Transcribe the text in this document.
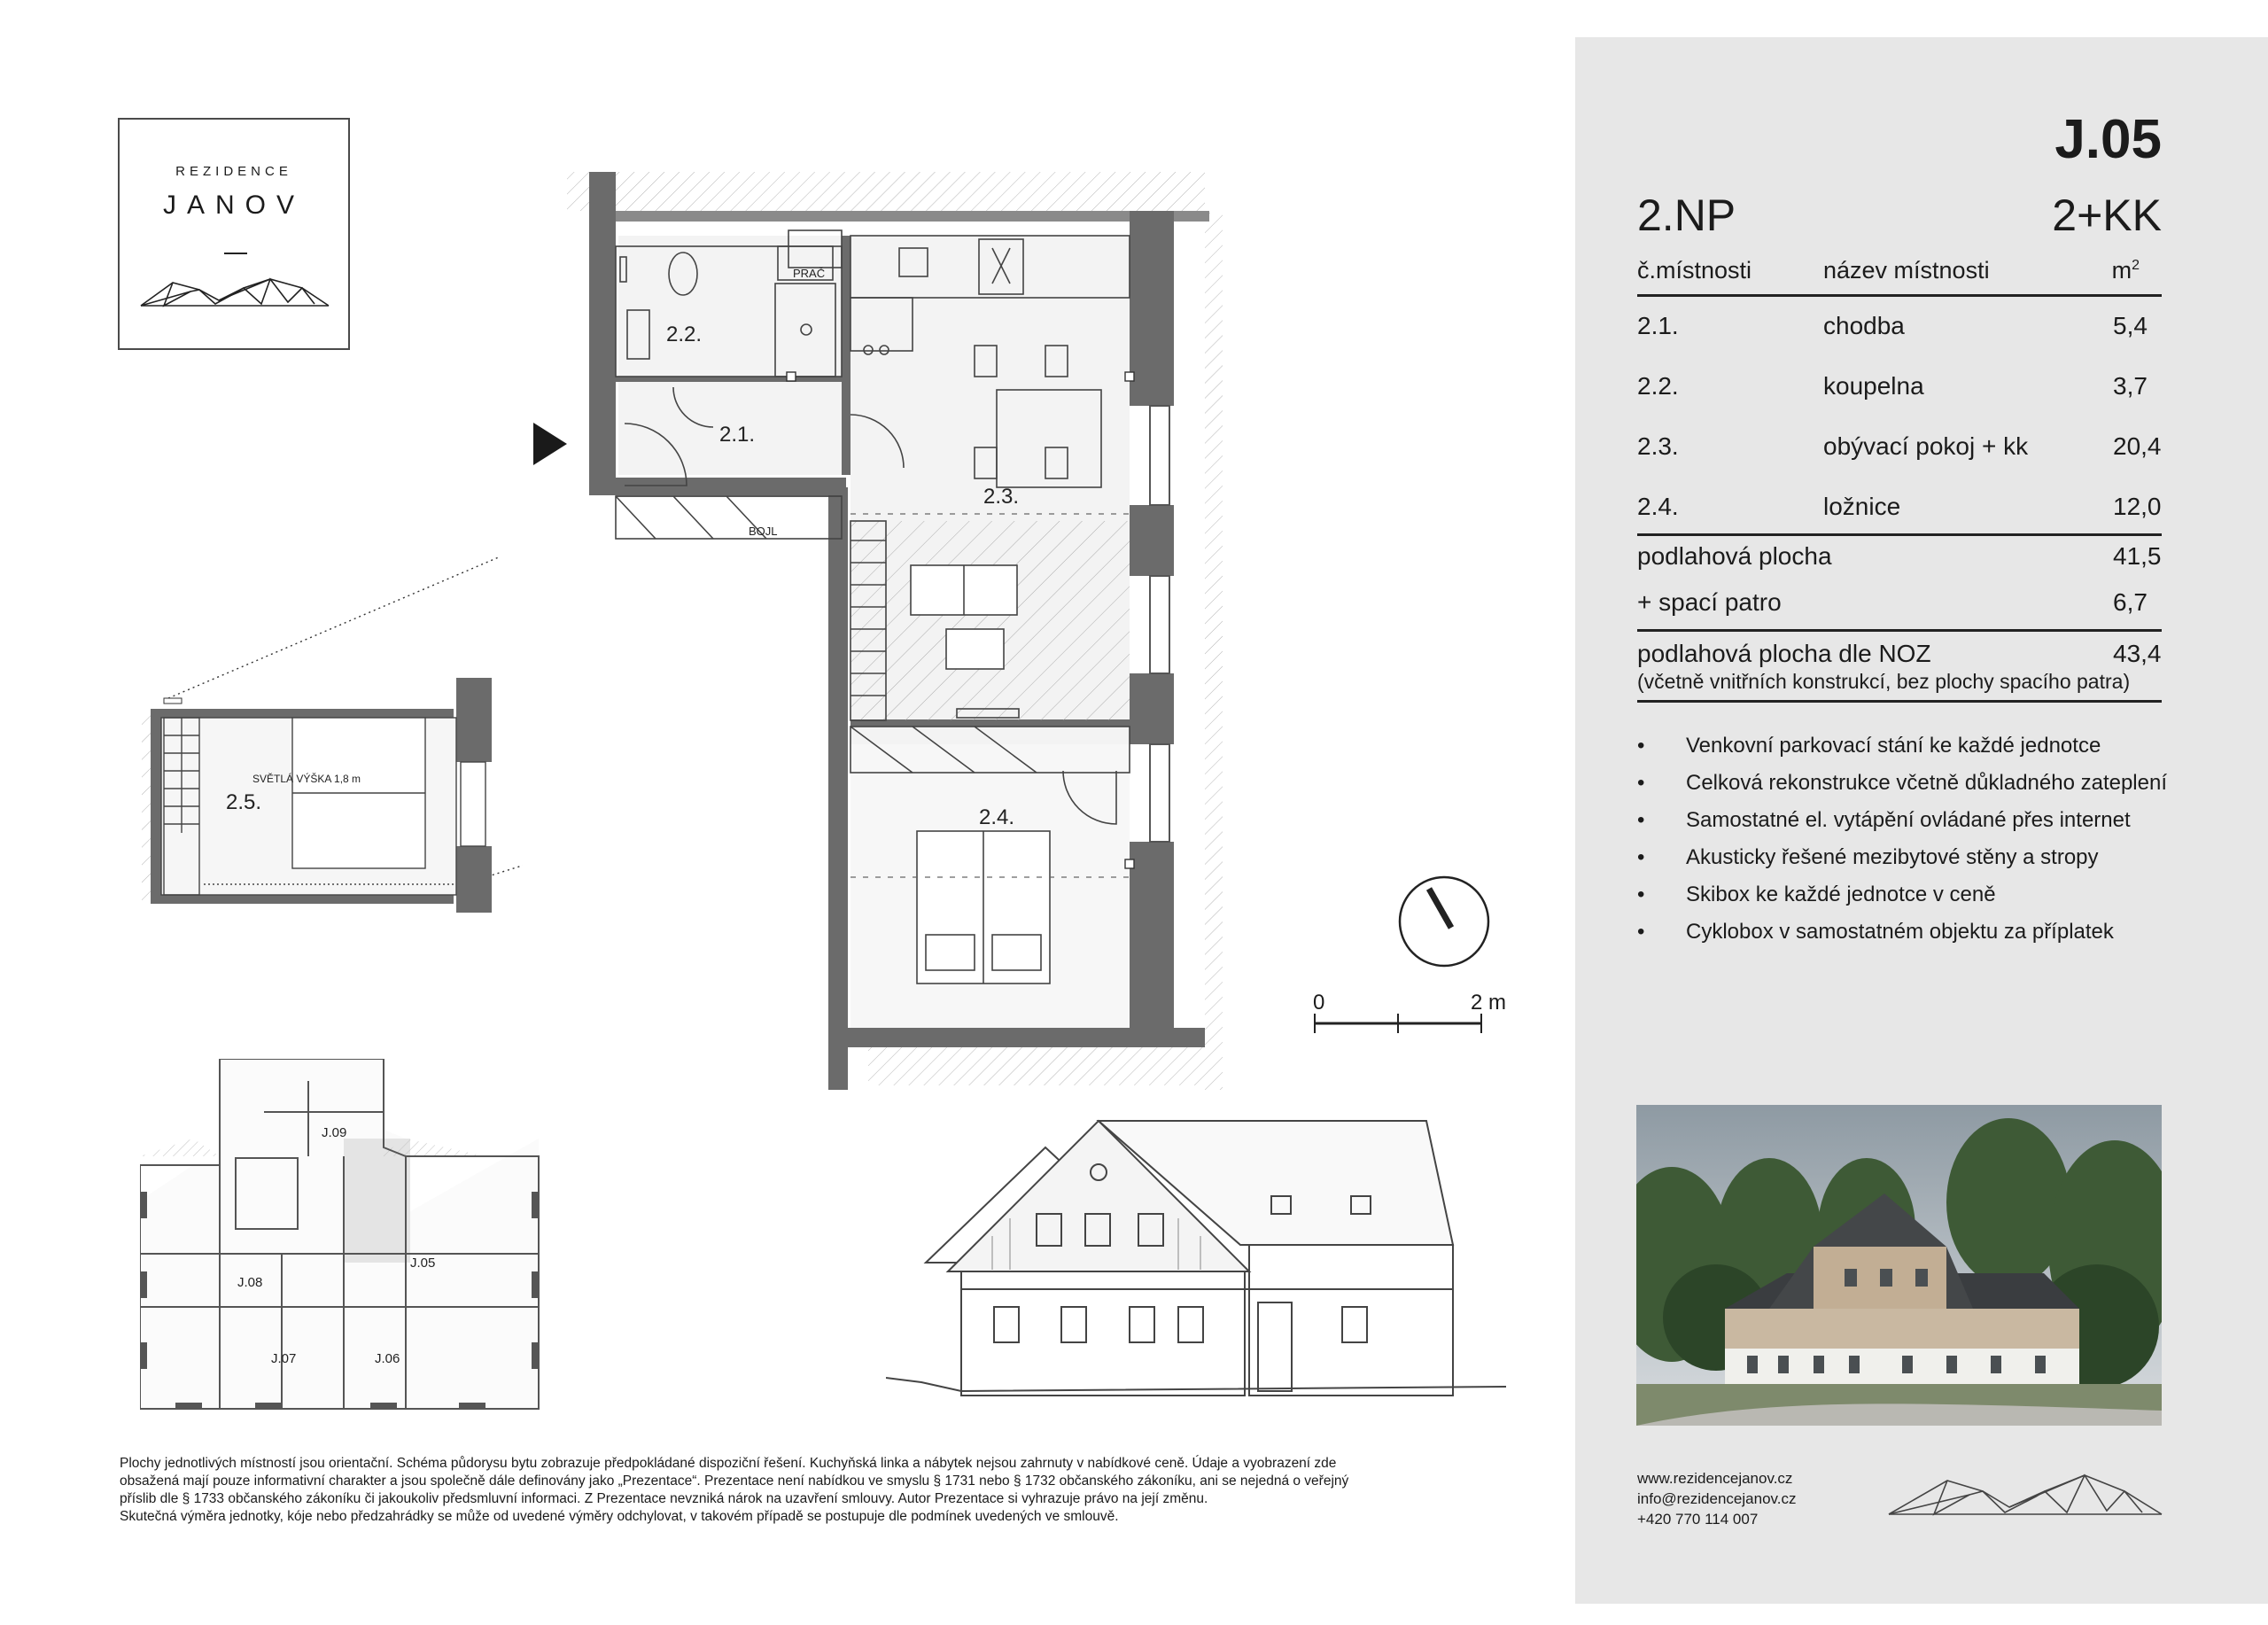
REZIDENCE
JANOV
PRAČ
2.2.
2.1.
BOJL
2.3.
2.4.
SVĚTLÁ VÝŠKA 1,8 m
2.5.
0	2 m
J.09
J.05
J.08
J.07	J.06
J.05
2.NP	2+KK
č.místnosti	název místnosti	$m^2$
2.1.	chodba	5,4
2.2.	koupelna	3,7
2.3.	obývací pokoj + kk	20,4
2.4.	ložnice	12,0
podlahová plocha	41,5
+ spací patro	6,7
podlahová plocha dle NOZ	43,4
(včetně vnitřních konstrukcí, bez plochy spacího patra)
• Venkovní parkovací stání ke každé jednotce
• Celková rekonstrukce včetně důkladného zateplení
• Samostatné el. vytápění ovládané přes internet
• Akusticky řešené mezibytové stěny a stropy
• Skibox ke každé jednotce v ceně
• Cyklobox v samostatném objektu za příplatek
www.rezidencejanov.cz
info@rezidencejanov.cz
+420 770 114 007

Plochy jednotlivých místností jsou orientační. Schéma půdorysu bytu zobrazuje předpokládané dispoziční řešení. Kuchyňská linka a nábytek nejsou zahrnuty v nabídkové ceně. Údaje a vyobrazení zde

obsažená mají pouze informativní charakter a jsou společně dále definovány jako „Prezentace“. Prezentace není nabídkou ve smyslu § 1731 nebo § 1732 občanského zákoníku, ani se nejedná o veřejný

příslib dle § 1733 občanského zákoníku či jakoukoliv předsmluvní informaci. Z Prezentace nevzniká nárok na uzavření smlouvy. Autor Prezentace si vyhrazuje právo na její změnu.

Skutečná výměra jednotky, kóje nebo předzahrádky se může od uvedené výměry odchylovat, v takovém případě se postupuje dle podmínek uvedených ve smlouvě.
